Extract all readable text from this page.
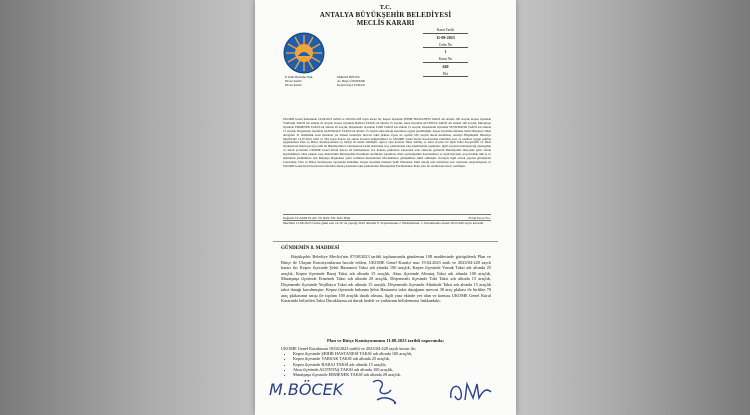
T.C.
ANTALYA BÜYÜKŞEHİR BELEDİYESİ
MECLİS KARARI
İl Şehir Belediye Bşk.	Muhittin BÖCEK
Divan Katibi	Av. Büşra ÖZDEMİR
Divan Katibi	Kerem Kaya TURAN
Karar Tarihi
11-08-2023
Celse No
1
Karar No
640
Eki
UKOME Genel Kurulunun 19/04/2023 tarihli ve 2023/04-228 sayılı kararı ile; Kepez ilçesinde ŞEHİR HASTANESİ TAKSİ adı altında 100 araçlık, Kepez ilçesinde VARSAK TAKSİ adı altında 25 araçlık, Kepez ilçesinde BARAJ TAKSİ adı altında 15 araçlık, Aksu ilçesinde ALTINTAŞ TAKSİ adı altında 100 araçlık, Muratpaşa ilçesinde ERMENEK TAKSİ adı altında 20 araçlık, Döşemealtı ilçesinde TOKİ TAKSİ adı altında 15 araçlık, Döşemealtı ilçesinde YEŞİLBAYIR TAKSİ adı altında 15 araçlık, Döşemealtı ilçesinde ALTINKALE TAKSİ adı altında 15 araçlık taksi durağı kurulması uygun görülmüştür. Kepez ilçesinde bulunan Şehir Hastanesi Taksi durağının 31 dönümlük arazi üzerinde yer alması nedeniyle mevcut taksi plakası sayısı ile toplam 100 araçlık durak kurulması, Antalya Büyükşehir Belediye Meclisi'nin 14.07.2022 tarih ve 584 sayılı Kararı ile alınan Kararın değiştirilmesi ve UKOME Genel Kurul Kararlarında belirtilen esas ve usullere uygun şekilde uygulanması Plan ve Bütçe Komisyonunun oy birliği ile kabul edilmiştir. Ayrıca aynı kararda Taksi dolmuş ve taksi araçları ile ilgili Taksi Kooperatifi ve Taksi Ortaklarının hazırlayacağı tarife ile Belediyemizce belirlenecek bedel üzerinden araç plakalarının satış işlemlerinin yapılması, ilgili araçların kullanılacağı güzergahın ve durak yerlerinin UKOME Genel Kurul Kararı ile belirlenmesi, söz konusu plakaların satışından elde edilecek gelirlerin Belediyemiz bütçesine gelir olarak kaydedilmesi, taksi plakası satış ihalelerinin Belediyemiz Encümeni tarafından yapılması, ihale şartnamesinin hazırlanması ve ilgili mevzuat çerçevesinde tüm iş ve işlemlerin yürütülmesi için Belediye Başkanına yetki verilmesi hususlarının Meclisimizce görüşülmesi teklif edilmiştir. Konuyla ilgili olarak yapılan görüşmeler sonucunda; Plan ve Bütçe Komisyonu raporunun kabulüne, Kepez ilçesinde bulunan Şehir Hastanesi Taksi durağı için belirlenen araç sayısının onaylanmasına ve UKOME Genel Kurul Kararında belirtilen durak yerlerinde taksi plakalarının Belediyemiz Encümenince ihale yolu ile satılmasına karar verilmiştir.
Dağıtım: ULAŞIM PLAN. VE RAY. SİS. DAİ. BŞK.	Evrak Tar.ve No :
Meclisin 11-08-2023 Cuma günü saat 14.30 'da yaptığı 2023 dönemi 8. Toplantısının 2. Birleşiminin 1. Oturumunda alınan 2023-640 sayılı karardır.
GÜNDEMİN 8. MADDESİ

Büyükşehir Belediye Meclisi'nin 07/08/2023 tarihli toplantısında gündemin 108 maddesinde görüşülerek Plan ve Bütçe ile Ulaşım Komisyonlarına havale edilen, UKOME Genel Kurulu' nun 19.04.2023 tarih ve 2023/04-228 sayılı kararı ile; Kepez ilçesinde Şehir Hastanesi Taksi adı altında 100 araçlık, Kepez ilçesinde Varsak Taksi adı altında 25 araçlık, Kepez ilçesinde Baraj Taksi adı altında 15 araçlık, Aksu ilçesinde Altıntaş Taksi adı altında 100 araçlık, Muratpaşa ilçesinde Ermenek Taksi adı altında 20 araçlık, Döşemealtı ilçesinde Toki Taksi adı altında 15 araçlık, Döşemealtı ilçesinde Yeşilbayır Taksi adı altında 15 araçlık, Döşemealtı ilçesinde Altınkale Taksi adı altında 15 araçlık taksi durağı kurulmuştur. Kepez ilçesinde bulunan Şehir Hastanesi taksi durağının mevcut 30 araç plakası ile birlikte 70 araç plakasının satışı ile toplam 100 araçlık durak olması, ilgili yasa ekinde yer alan ve konusu UKOME Genel Kurul Kararında belirtilen Taksi Duraklarına ait durak bedeli ve yatlarının belirlenmesi hakkındaki;

Plan ve Bütçe Komisyonunun 11.08.2023 tarihli raporunda;
UKOME Genel Kurulunun 19/04/2023 tarihli ve 2023/04-228 sayılı kararı ile;
• Kepez ilçesinde ŞEHİR HASTANESİ TAKSİ adı altında 100 araçlık,
• Kepez ilçesinde VARSAK TAKSİ adı altında 25 araçlık,
• Kepez ilçesinde BARAJ TAKSİ adı altında 15 araçlık,
• Aksu ilçesinde ALTINTAŞ TAKSİ adı altında 100 araçlık,
• Muratpaşa ilçesinde ERMENEK TAKSİ adı altında 20 araçlık,
M.BÖCEK
